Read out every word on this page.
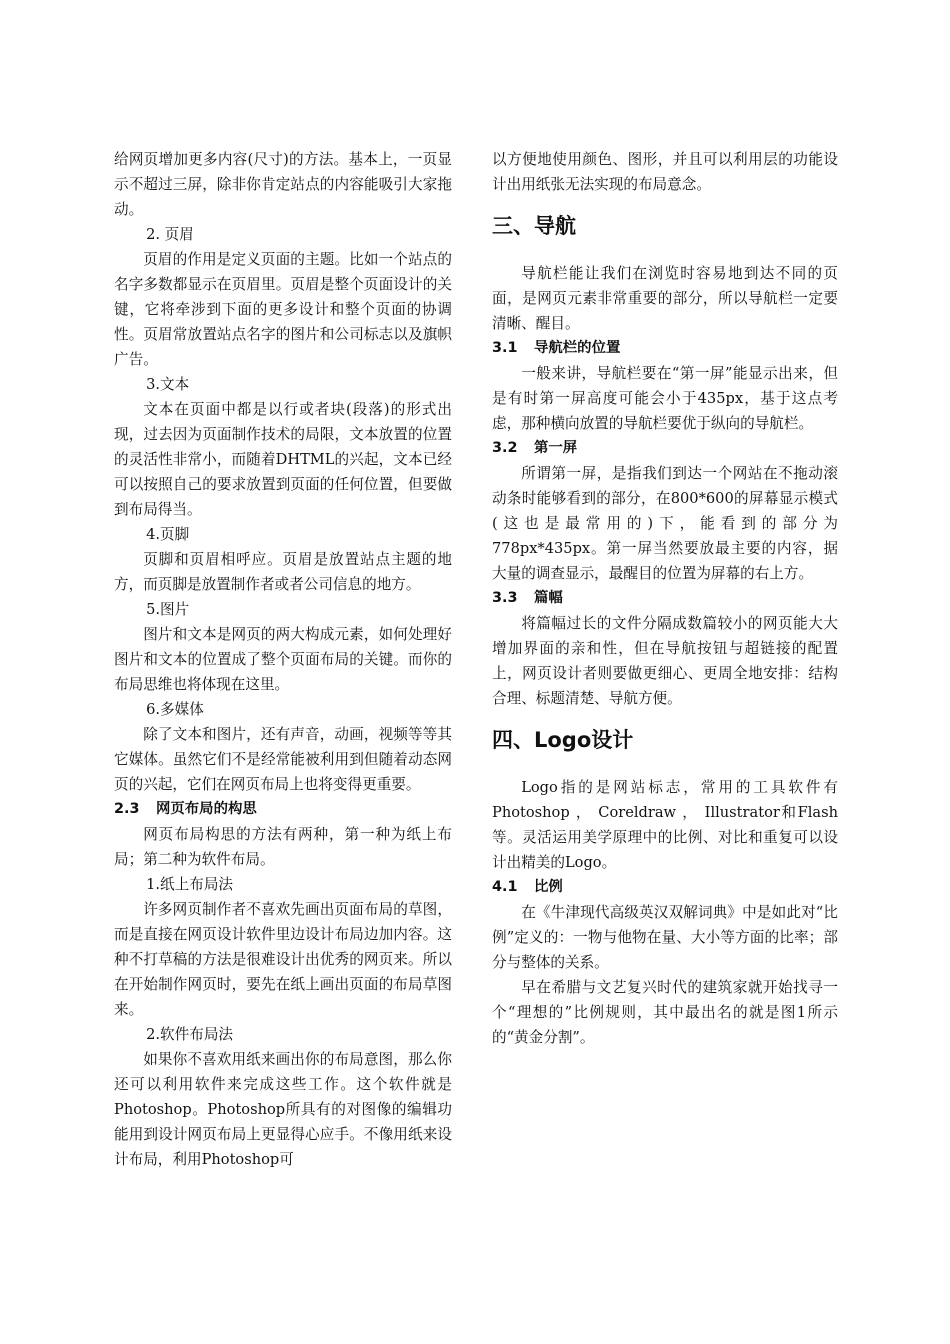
给网页增加更多内容(尺寸)的方法。基本上，一页显示不超过三屏，除非你肯定站点的内容能吸引大家拖动。

2. 页眉

页眉的作用是定义页面的主题。比如一个站点的名字多数都显示在页眉里。页眉是整个页面设计的关键，它将牵涉到下面的更多设计和整个页面的协调性。页眉常放置站点名字的图片和公司标志以及旗帜广告。

3.文本

文本在页面中都是以行或者块(段落)的形式出现，过去因为页面制作技术的局限，文本放置的位置的灵活性非常小，而随着DHTML的兴起，文本已经可以按照自己的要求放置到页面的任何位置，但要做到布局得当。

4.页脚

页脚和页眉相呼应。页眉是放置站点主题的地方，而页脚是放置制作者或者公司信息的地方。

5.图片

图片和文本是网页的两大构成元素，如何处理好图片和文本的位置成了整个页面布局的关键。而你的布局思维也将体现在这里。

6.多媒体

除了文本和图片，还有声音，动画，视频等等其它媒体。虽然它们不是经常能被利用到但随着动态网页的兴起，它们在网页布局上也将变得更重要。

2.3 网页布局的构思

网页布局构思的方法有两种，第一种为纸上布局；第二种为软件布局。

1.纸上布局法

许多网页制作者不喜欢先画出页面布局的草图，而是直接在网页设计软件里边设计布局边加内容。这种不打草稿的方法是很难设计出优秀的网页来。所以在开始制作网页时，要先在纸上画出页面的布局草图来。

2.软件布局法

如果你不喜欢用纸来画出你的布局意图，那么你还可以利用软件来完成这些工作。这个软件就是Photoshop。Photoshop所具有的对图像的编辑功能用到设计网页布局上更显得心应手。不像用纸来设计布局，利用Photoshop可

以方便地使用颜色、图形，并且可以利用层的功能设计出用纸张无法实现的布局意念。

三、导航

导航栏能让我们在浏览时容易地到达不同的页面，是网页元素非常重要的部分，所以导航栏一定要清晰、醒目。

3.1 导航栏的位置

一般来讲，导航栏要在“第一屏”能显示出来，但是有时第一屏高度可能会小于435px，基于这点考虑，那种横向放置的导航栏要优于纵向的导航栏。

3.2 第一屏

所谓第一屏，是指我们到达一个网站在不拖动滚动条时能够看到的部分，在800*600的屏幕显示模式(这也是最常用的)下，能看到的部分为778px*435px。第一屏当然要放最主要的内容，据大量的调查显示，最醒目的位置为屏幕的右上方。

3.3 篇幅

将篇幅过长的文件分隔成数篇较小的网页能大大增加界面的亲和性，但在导航按钮与超链接的配置上，网页设计者则要做更细心、更周全地安排：结构合理、标题清楚、导航方便。

四、Logo设计

Logo指的是网站标志，常用的工具软件有Photoshop ， Coreldraw ， Illustrator和Flash等。灵活运用美学原理中的比例、对比和重复可以设计出精美的Logo。

4.1 比例

在《牛津现代高级英汉双解词典》中是如此对“比例”定义的：一物与他物在量、大小等方面的比率；部分与整体的关系。

早在希腊与文艺复兴时代的建筑家就开始找寻一个“理想的”比例规则，其中最出名的就是图1所示的“黄金分割”。
